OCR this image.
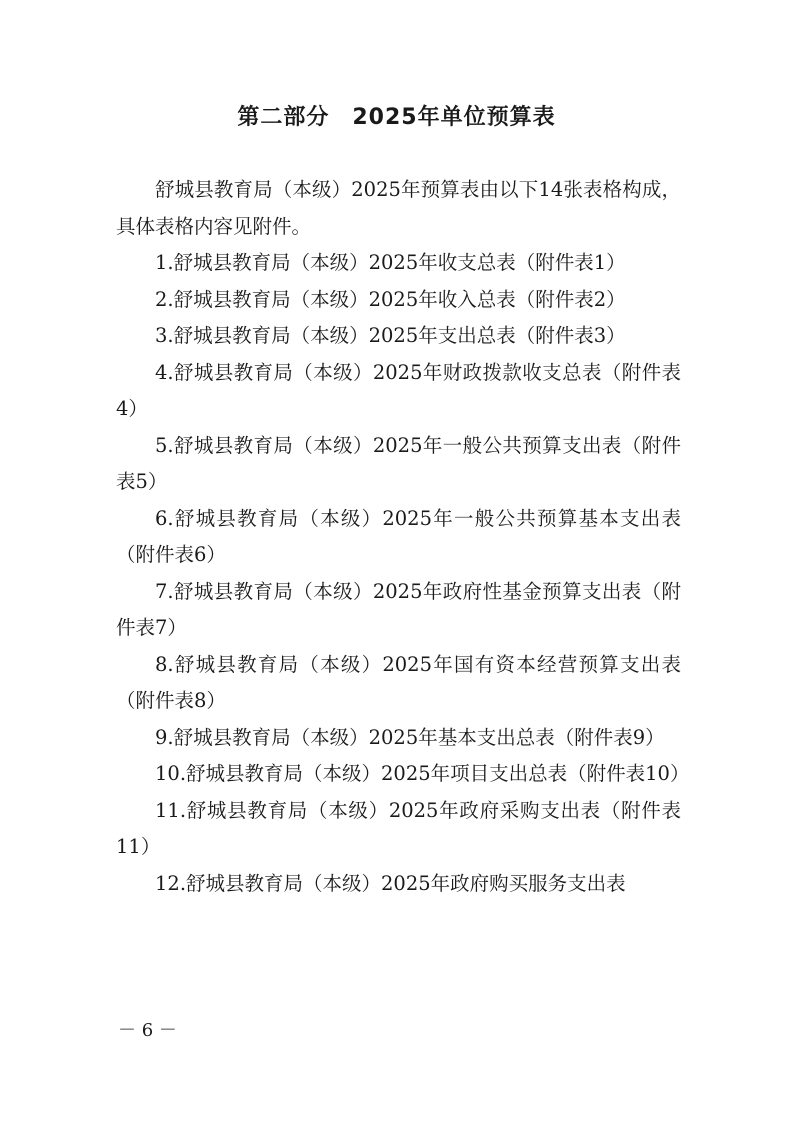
第二部分　2025年单位预算表

舒城县教育局（本级）2025年预算表由以下14张表格构成，具体表格内容见附件。

1.舒城县教育局（本级）2025年收支总表（附件表1）

2.舒城县教育局（本级）2025年收入总表（附件表2）

3.舒城县教育局（本级）2025年支出总表（附件表3）

4.舒城县教育局（本级）2025年财政拨款收支总表（附件表4）

5.舒城县教育局（本级）2025年一般公共预算支出表（附件表5）

6.舒城县教育局（本级）2025年一般公共预算基本支出表（附件表6）

7.舒城县教育局（本级）2025年政府性基金预算支出表（附件表7）

8.舒城县教育局（本级）2025年国有资本经营预算支出表（附件表8）

9.舒城县教育局（本级）2025年基本支出总表（附件表9）

10.舒城县教育局（本级）2025年项目支出总表（附件表10）

11.舒城县教育局（本级）2025年政府采购支出表（附件表11）

12.舒城县教育局（本级）2025年政府购买服务支出表

－ 6 －
